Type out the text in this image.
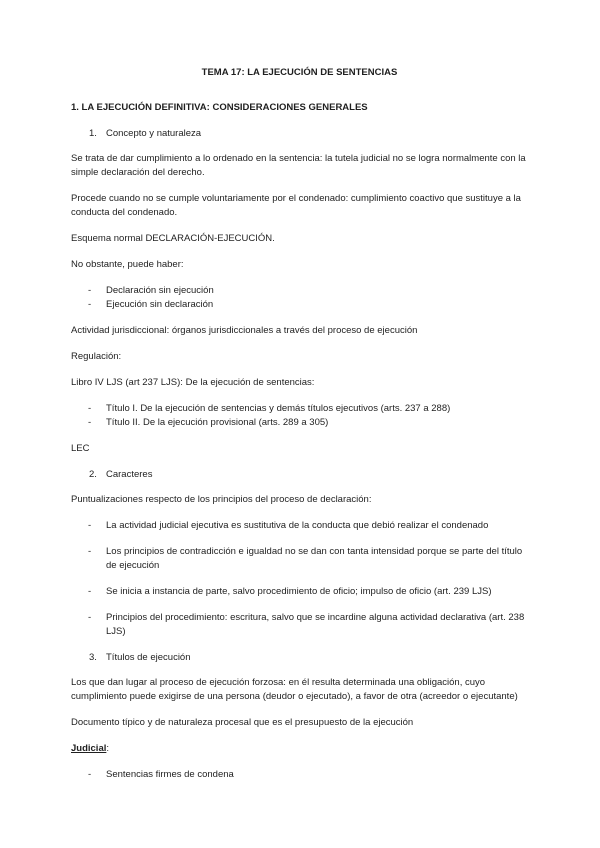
TEMA 17: LA EJECUCIÓN DE SENTENCIAS
1. LA EJECUCIÓN DEFINITIVA: CONSIDERACIONES GENERALES
1. Concepto y naturaleza

Se trata de dar cumplimiento a lo ordenado en la sentencia: la tutela judicial no se logra normalmente con la simple declaración del derecho.

Procede cuando no se cumple voluntariamente por el condenado: cumplimiento coactivo que sustituye a la conducta del condenado.

Esquema normal DECLARACIÓN-EJECUCIÓN.

No obstante, puede haber:

-	Declaración sin ejecución
-	Ejecución sin declaración

Actividad jurisdiccional: órganos jurisdiccionales a través del proceso de ejecución

Regulación:

Libro IV LJS (art 237 LJS): De la ejecución de sentencias:

-	Título I. De la ejecución de sentencias y demás títulos ejecutivos (arts. 237 a 288)
-	Título II. De la ejecución provisional (arts. 289 a 305)

LEC

2. Caracteres

Puntualizaciones respecto de los principios del proceso de declaración:

-	La actividad judicial ejecutiva es sustitutiva de la conducta que debió realizar el condenado
-	Los principios de contradicción e igualdad no se dan con tanta intensidad porque se parte del título de ejecución
-	Se inicia a instancia de parte, salvo procedimiento de oficio; impulso de oficio (art. 239 LJS)
-	Principios del procedimiento: escritura, salvo que se incardine alguna actividad declarativa (art. 238 LJS)
3. Títulos de ejecución

Los que dan lugar al proceso de ejecución forzosa: en él resulta determinada una obligación, cuyo cumplimiento puede exigirse de una persona (deudor o ejecutado), a favor de otra (acreedor o ejecutante)

Documento típico y de naturaleza procesal que es el presupuesto de la ejecución

Judicial:
-	Sentencias firmes de condena
